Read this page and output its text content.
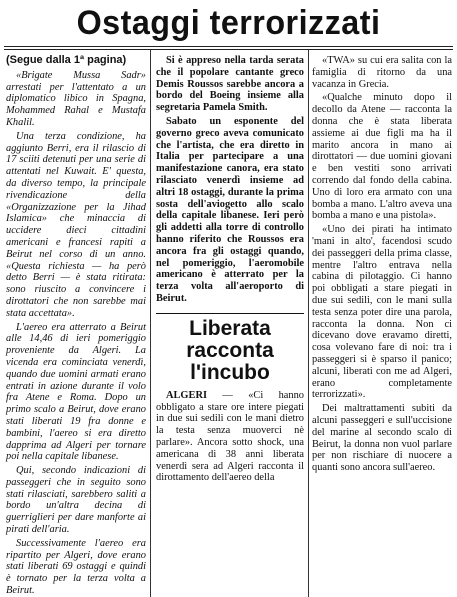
Ostaggi terrorizzati
(Segue dalla 1ª pagina)

«Brigate Mussa Sadr» arrestati per l'attentato a un diplomatico libico in Spagna, Mohammed Rahal e Mustafa Khalil.

Una terza condizione, ha aggiunto Berri, era il rilascio di 17 sciiti detenuti per una serie di attentati nel Kuwait. E' questa, da diverso tempo, la principale rivendicazione della «Organizzazione per la Jihad Islamica» che minaccia di uccidere dieci cittadini americani e francesi rapiti a Beirut nel corso di un anno. «Questa richiesta — ha però detto Berri — è stata ritirata: sono riuscito a convincere i dirottatori che non sarebbe mai stata accettata».

L'aereo era atterrato a Beirut alle 14,46 di ieri pomeriggio proveniente da Algeri. La vicenda era cominciata venerdì, quando due uomini armati erano entrati in azione durante il volo fra Atene e Roma. Dopo un primo scalo a Beirut, dove erano stati liberati 19 fra donne e bambini, l'aereo si era diretto dapprima ad Algeri per tornare poi nella capitale libanese.

Qui, secondo indicazioni di passeggeri che in seguito sono stati rilasciati, sarebbero saliti a bordo un'altra decina di guerriglieri per dare manforte ai pirati dell'aria.

Successivamente l'aereo era ripartito per Algeri, dove erano stati liberati 69 ostaggi e quindi è tornato per la terza volta a Beirut.

Si è appreso nella tarda serata che il popolare cantante greco Demis Roussos sarebbe ancora a bordo del Boeing insieme alla segretaria Pamela Smith.

Sabato un esponente del governo greco aveva comunicato che l'artista, che era diretto in Italia per partecipare a una manifestazione canora, era stato rilasciato venerdì insieme ad altri 18 ostaggi, durante la prima sosta dell'aviogetto allo scalo della capitale libanese. Ieri però gli addetti alla torre di controllo hanno riferito che Roussos era ancora fra gli ostaggi quando, nel pomeriggio, l'aeromobile americano è atterrato per la terza volta all'aeroporto di Beirut.

Liberata racconta l'incubo

ALGERI — «Ci hanno obbligato a stare ore intere piegati in due sui sedili con le mani dietro la testa senza muoverci nè parlare». Ancora sotto shock, una americana di 38 anni liberata venerdì sera ad Algeri racconta il dirottamento dell'aereo della

«TWA» su cui era salita con la famiglia di ritorno da una vacanza in Grecia.

«Qualche minuto dopo il decollo da Atene — racconta la donna che è stata liberata assieme ai due figli ma ha il marito ancora in mano ai dirottatori — due uomini giovani e ben vestiti sono arrivati correndo dal fondo della cabina. Uno di loro era armato con una bomba a mano. L'altro aveva una bomba a mano e una pistola».

«Uno dei pirati ha intimato 'mani in alto', facendosi scudo dei passeggeri della prima classe, mentre l'altro entrava nella cabina di pilotaggio. Ci hanno poi obbligati a stare piegati in due sui sedili, con le mani sulla testa senza poter dire una parola, racconta la donna. Non ci dicevano dove eravamo diretti, cosa volevano fare di noi: tra i passeggeri si è sparso il panico; alcuni, liberati con me ad Algeri, erano completamente terrorizzati».

Dei maltrattamenti subiti da alcuni passeggeri e sull'uccisione del marine al secondo scalo di Beirut, la donna non vuol parlare per non rischiare di nuocere a quanti sono ancora sull'aereo.
